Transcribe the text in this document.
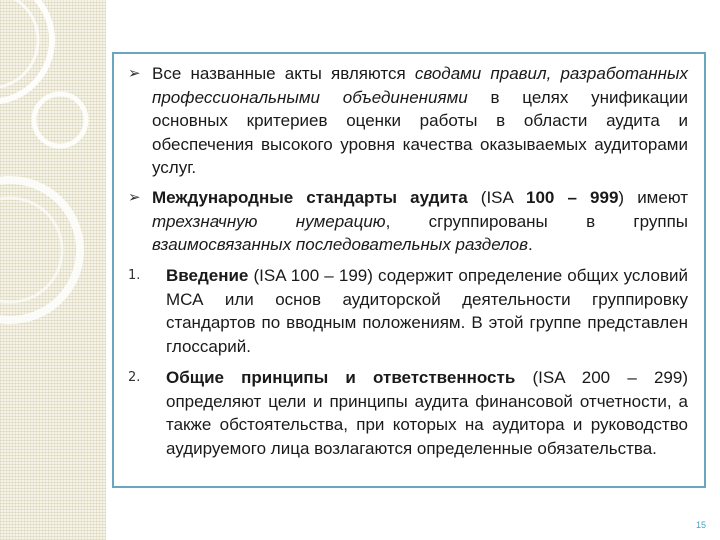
➢ Все названные акты являются сводами правил, разработанных профессиональными объединениями в целях унификации основных критериев оценки работы в области аудита и обеспечения высокого уровня качества оказываемых аудиторами услуг.
➢ Международные стандарты аудита (ISA 100 – 999) имеют трехзначную нумерацию, сгруппированы в группы взаимосвязанных последовательных разделов.
1. Введение (ISA 100 – 199) содержит определение общих условий МСА или основ аудиторской деятельности группировку стандартов по вводным положениям. В этой группе представлен глоссарий.
2. Общие принципы и ответственность (ISA 200 – 299) определяют цели и принципы аудита финансовой отчетности, а также обстоятельства, при которых на аудитора и руководство аудируемого лица возлагаются определенные обязательства.
15
